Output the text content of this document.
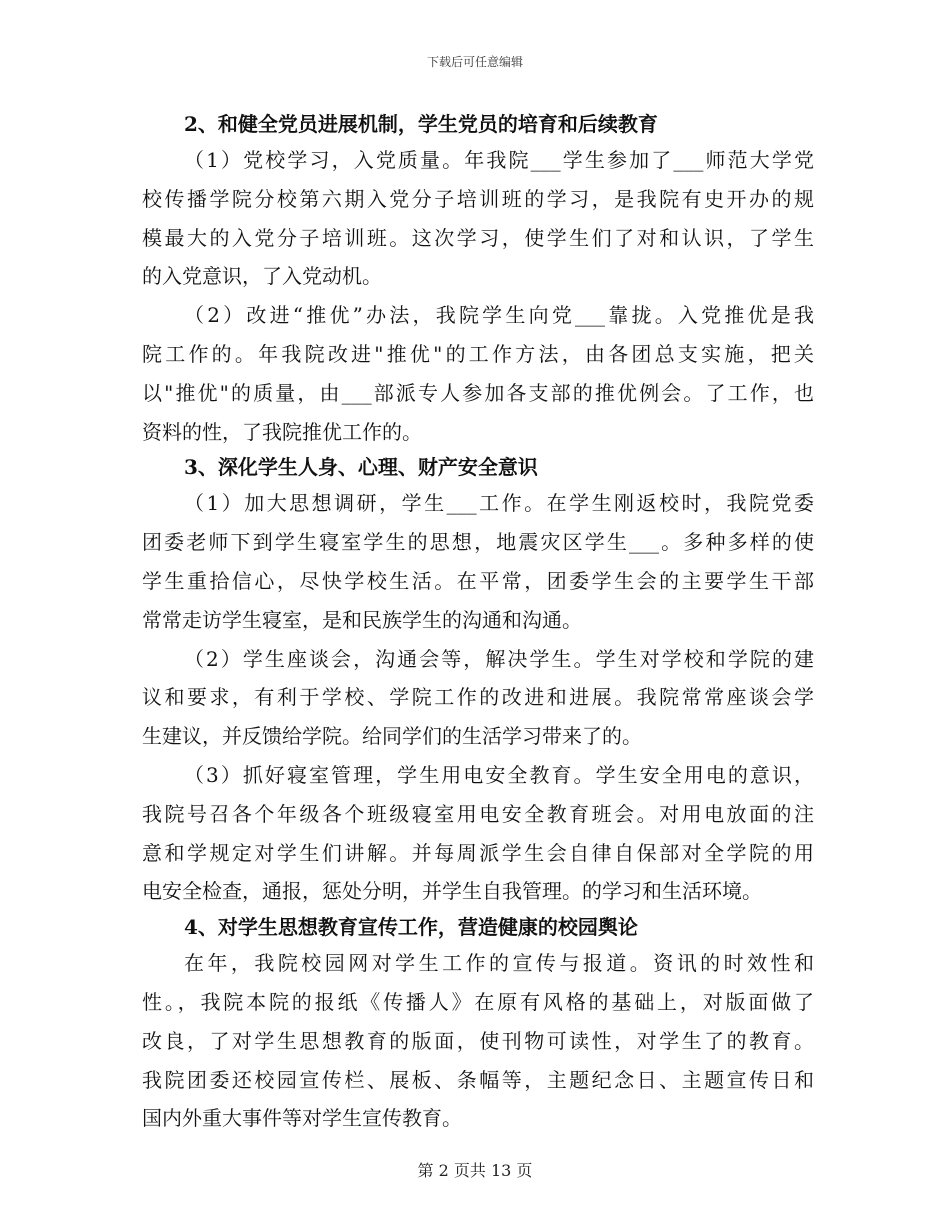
下载后可任意编辑
2、和健全党员进展机制，学生党员的培育和后续教育
（1）党校学习，入党质量。年我院___学生参加了___师范大学党
校传播学院分校第六期入党分子培训班的学习，是我院有史开办的规
模最大的入党分子培训班。这次学习，使学生们了对和认识，了学生
的入党意识，了入党动机。
（2）改进“推优”办法，我院学生向党___靠拢。入党推优是我
院工作的。年我院改进"推优"的工作方法，由各团总支实施，把关
以"推优"的质量，由___部派专人参加各支部的推优例会。了工作，也
资料的性，了我院推优工作的。
3、深化学生人身、心理、财产安全意识
（1）加大思想调研，学生___工作。在学生刚返校时，我院党委
团委老师下到学生寝室学生的思想，地震灾区学生___。多种多样的使
学生重拾信心，尽快学校生活。在平常，团委学生会的主要学生干部
常常走访学生寝室，是和民族学生的沟通和沟通。
（2）学生座谈会，沟通会等，解决学生。学生对学校和学院的建
议和要求，有利于学校、学院工作的改进和进展。我院常常座谈会学
生建议，并反馈给学院。给同学们的生活学习带来了的。
（3）抓好寝室管理，学生用电安全教育。学生安全用电的意识，
我院号召各个年级各个班级寝室用电安全教育班会。对用电放面的注
意和学规定对学生们讲解。并每周派学生会自律自保部对全学院的用
电安全检查，通报，惩处分明，并学生自我管理。的学习和生活环境。
4、对学生思想教育宣传工作，营造健康的校园舆论
在年，我院校园网对学生工作的宣传与报道。资讯的时效性和
性。，我院本院的报纸《传播人》在原有风格的基础上，对版面做了
改良，了对学生思想教育的版面，使刊物可读性，对学生了的教育。
我院团委还校园宣传栏、展板、条幅等，主题纪念日、主题宣传日和
国内外重大事件等对学生宣传教育。
第 2 页共 13 页
